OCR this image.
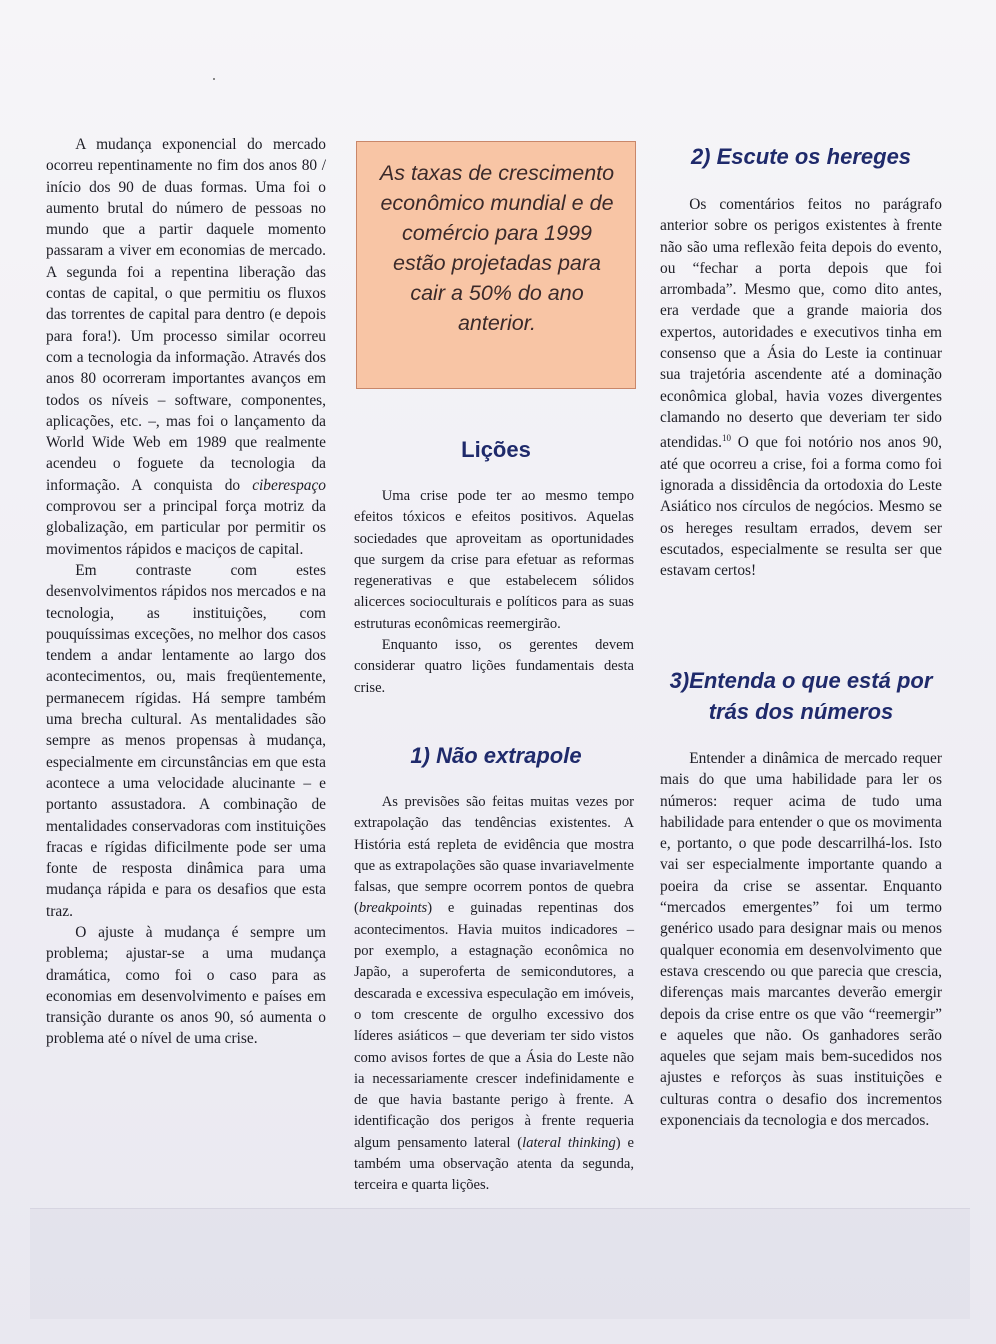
A mudança exponencial do mercado ocorreu repentinamente no fim dos anos 80 / início dos 90 de duas formas. Uma foi o aumento brutal do número de pessoas no mundo que a partir daquele momento passaram a viver em economias de mercado. A segunda foi a repentina liberação das contas de capital, o que permitiu os fluxos das torrentes de capital para dentro (e depois para fora!). Um processo similar ocorreu com a tecnologia da informação. Através dos anos 80 ocorreram importantes avanços em todos os níveis – software, componentes, aplicações, etc. –, mas foi o lançamento da World Wide Web em 1989 que realmente acendeu o foguete da tecnologia da informação. A conquista do ciberespaço comprovou ser a principal força motriz da globalização, em particular por permitir os movimentos rápidos e maciços de capital.

Em contraste com estes desenvolvimentos rápidos nos mercados e na tecnologia, as instituições, com pouquíssimas exceções, no melhor dos casos tendem a andar lentamente ao largo dos acontecimentos, ou, mais freqüentemente, permanecem rígidas. Há sempre também uma brecha cultural. As mentalidades são sempre as menos propensas à mudança, especialmente em circunstâncias em que esta acontece a uma velocidade alucinante – e portanto assustadora. A combinação de mentalidades conservadoras com instituições fracas e rígidas dificilmente pode ser uma fonte de resposta dinâmica para uma mudança rápida e para os desafios que esta traz.

O ajuste à mudança é sempre um problema; ajustar-se a uma mudança dramática, como foi o caso para as economias em desenvolvimento e países em transição durante os anos 90, só aumenta o problema até o nível de uma crise.

As taxas de crescimento econômico mundial e de comércio para 1999 estão projetadas para cair a 50% do ano anterior.
Lições

Uma crise pode ter ao mesmo tempo efeitos tóxicos e efeitos positivos. Aquelas sociedades que aproveitam as oportunidades que surgem da crise para efetuar as reformas regenerativas e que estabelecem sólidos alicerces socioculturais e políticos para as suas estruturas econômicas reemergirão.

Enquanto isso, os gerentes devem considerar quatro lições fundamentais desta crise.

1) Não extrapole

As previsões são feitas muitas vezes por extrapolação das tendências existentes. A História está repleta de evidência que mostra que as extrapolações são quase invariavelmente falsas, que sempre ocorrem pontos de quebra (breakpoints) e guinadas repentinas dos acontecimentos. Havia muitos indicadores – por exemplo, a estagnação econômica no Japão, a superoferta de semicondutores, a descarada e excessiva especulação em imóveis, o tom crescente de orgulho excessivo dos líderes asiáticos – que deveriam ter sido vistos como avisos fortes de que a Ásia do Leste não ia necessariamente crescer indefinidamente e de que havia bastante perigo à frente. A identificação dos perigos à frente requeria algum pensamento lateral (lateral thinking) e também uma observação atenta da segunda, terceira e quarta lições.

2) Escute os hereges

Os comentários feitos no parágrafo anterior sobre os perigos existentes à frente não são uma reflexão feita depois do evento, ou “fechar a porta depois que foi arrombada”. Mesmo que, como dito antes, era verdade que a grande maioria dos expertos, autoridades e executivos tinha em consenso que a Ásia do Leste ia continuar sua trajetória ascendente até a dominação econômica global, havia vozes divergentes clamando no deserto que deveriam ter sido atendidas.$^{10}$ O que foi notório nos anos 90, até que ocorreu a crise, foi a forma como foi ignorada a dissidência da ortodoxia do Leste Asiático nos círculos de negócios. Mesmo se os hereges resultam errados, devem ser escutados, especialmente se resulta ser que estavam certos!

3)Entenda o que está por
trás dos números

Entender a dinâmica de mercado requer mais do que uma habilidade para ler os números: requer acima de tudo uma habilidade para entender o que os movimenta e, portanto, o que pode descarrilhá-los. Isto vai ser especialmente importante quando a poeira da crise se assentar. Enquanto “mercados emergentes” foi um termo genérico usado para designar mais ou menos qualquer economia em desenvolvimento que estava crescendo ou que parecia que crescia, diferenças mais marcantes deverão emergir depois da crise entre os que vão “reemergir” e aqueles que não. Os ganhadores serão aqueles que sejam mais bem-sucedidos nos ajustes e reforços às suas instituições e culturas contra o desafio dos incrementos exponenciais da tecnologia e dos mercados.
